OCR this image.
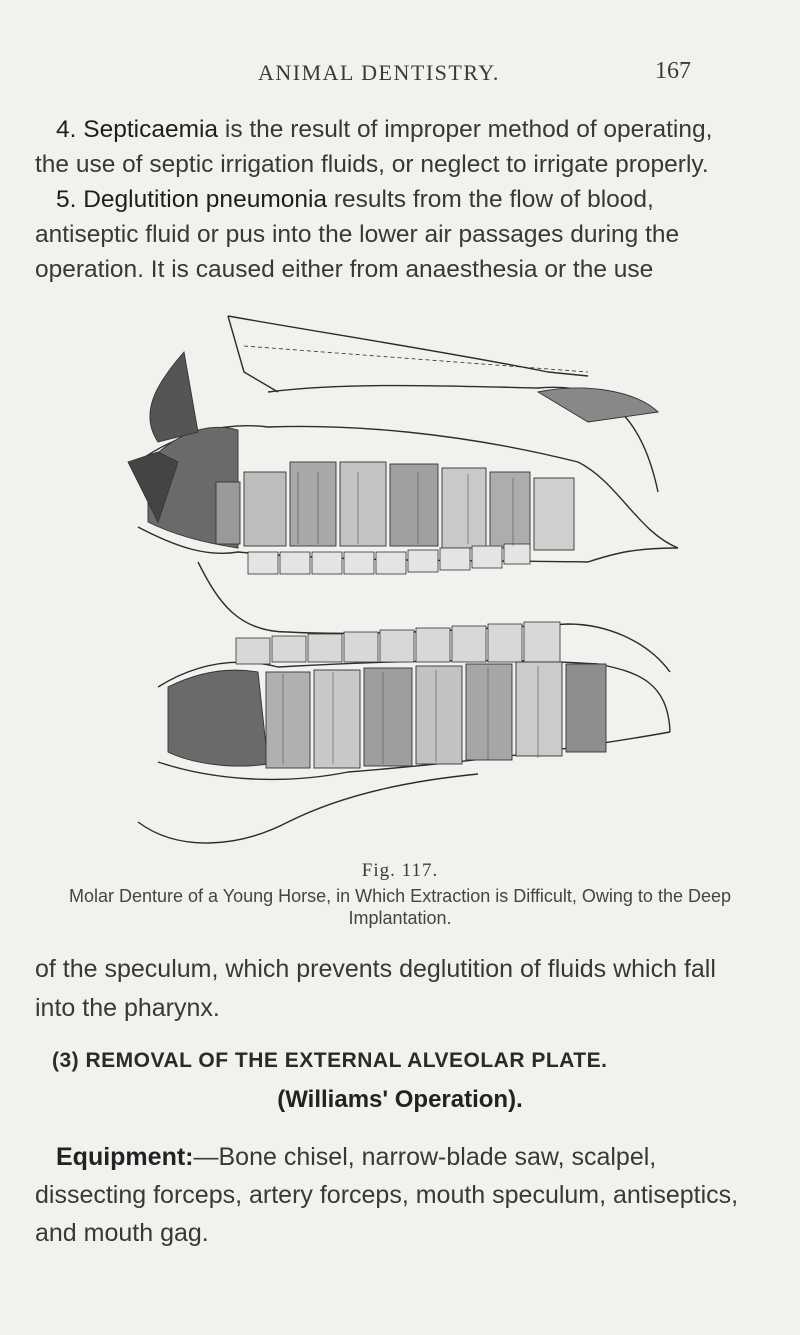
ANIMAL DENTISTRY.	167

4. Septicaemia is the result of improper method of operating, the use of septic irrigation fluids, or neglect to irrigate properly.

5. Deglutition pneumonia results from the flow of blood, antiseptic fluid or pus into the lower air passages during the operation. It is caused either from anaesthesia or the use

Fig. 117.
Molar Denture of a Young Horse, in Which Extraction is Difficult, Owing to the Deep Implantation.

of the speculum, which prevents deglutition of fluids which fall into the pharynx.

(3) REMOVAL OF THE EXTERNAL ALVEOLAR PLATE.
(Williams' Operation).

Equipment:—Bone chisel, narrow-blade saw, scalpel, dissecting forceps, artery forceps, mouth speculum, antiseptics, and mouth gag.
